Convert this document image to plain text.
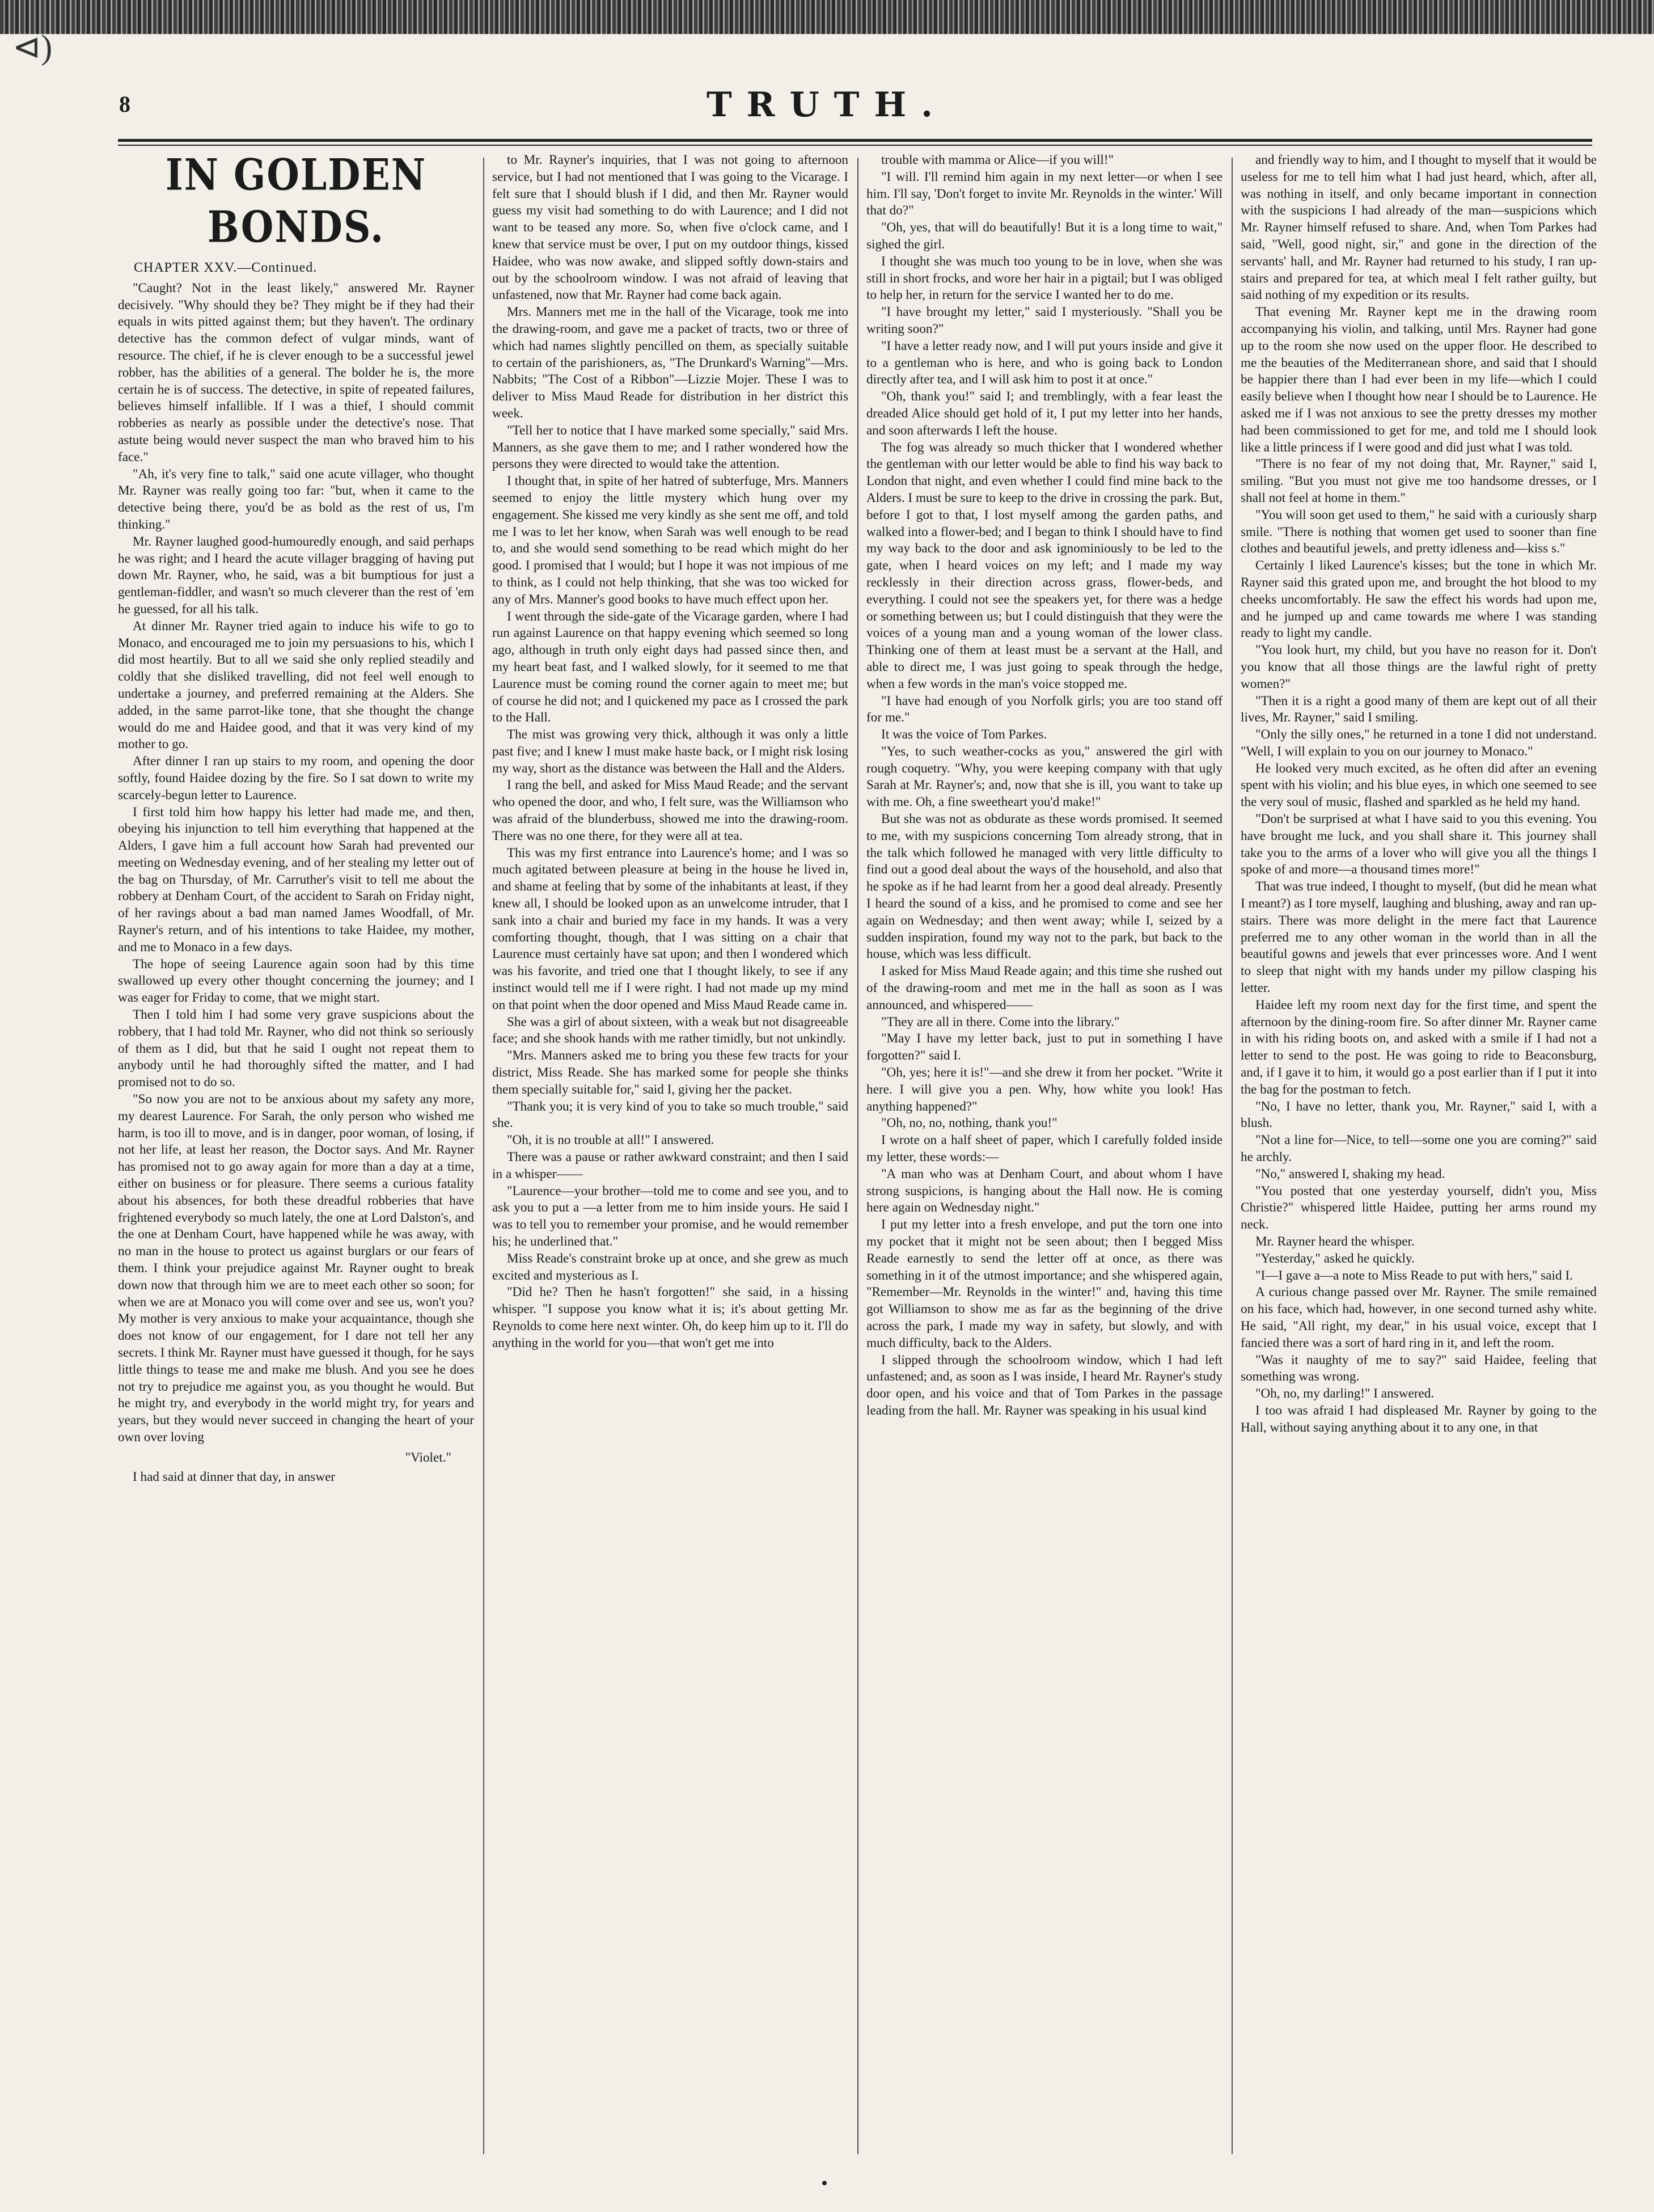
⊲)
8	TRUTH.
IN GOLDEN BONDS.
CHAPTER XXV.—Continued.

"Caught? Not in the least likely," answered Mr. Rayner decisively. "Why should they be? They might be if they had their equals in wits pitted against them; but they haven't. The ordinary detective has the common defect of vulgar minds, want of resource. The chief, if he is clever enough to be a successful jewel robber, has the abilities of a general. The bolder he is, the more certain he is of success. The detective, in spite of repeated failures, believes himself infallible. If I was a thief, I should commit robberies as nearly as possible under the detective's nose. That astute being would never suspect the man who braved him to his face."

"Ah, it's very fine to talk," said one acute villager, who thought Mr. Rayner was really going too far: "but, when it came to the detective being there, you'd be as bold as the rest of us, I'm thinking."

Mr. Rayner laughed good-humouredly enough, and said perhaps he was right; and I heard the acute villager bragging of having put down Mr. Rayner, who, he said, was a bit bumptious for just a gentleman-fiddler, and wasn't so much cleverer than the rest of 'em he guessed, for all his talk.

At dinner Mr. Rayner tried again to induce his wife to go to Monaco, and encouraged me to join my persuasions to his, which I did most heartily. But to all we said she only replied steadily and coldly that she disliked travelling, did not feel well enough to undertake a journey, and preferred remaining at the Alders. She added, in the same parrot-like tone, that she thought the change would do me and Haidee good, and that it was very kind of my mother to go.

After dinner I ran up stairs to my room, and opening the door softly, found Haidee dozing by the fire. So I sat down to write my scarcely-begun letter to Laurence.

I first told him how happy his letter had made me, and then, obeying his injunction to tell him everything that happened at the Alders, I gave him a full account how Sarah had prevented our meeting on Wednesday evening, and of her stealing my letter out of the bag on Thursday, of Mr. Carruther's visit to tell me about the robbery at Denham Court, of the accident to Sarah on Friday night, of her ravings about a bad man named James Woodfall, of Mr. Rayner's return, and of his intentions to take Haidee, my mother, and me to Monaco in a few days.

The hope of seeing Laurence again soon had by this time swallowed up every other thought concerning the journey; and I was eager for Friday to come, that we might start.

Then I told him I had some very grave suspicions about the robbery, that I had told Mr. Rayner, who did not think so seriously of them as I did, but that he said I ought not repeat them to anybody until he had thoroughly sifted the matter, and I had promised not to do so.

"So now you are not to be anxious about my safety any more, my dearest Laurence. For Sarah, the only person who wished me harm, is too ill to move, and is in danger, poor woman, of losing, if not her life, at least her reason, the Doctor says. And Mr. Rayner has promised not to go away again for more than a day at a time, either on business or for pleasure. There seems a curious fatality about his absences, for both these dreadful robberies that have frightened everybody so much lately, the one at Lord Dalston's, and the one at Denham Court, have happened while he was away, with no man in the house to protect us against burglars or our fears of them. I think your prejudice against Mr. Rayner ought to break down now that through him we are to meet each other so soon; for when we are at Monaco you will come over and see us, won't you? My mother is very anxious to make your acquaintance, though she does not know of our engagement, for I dare not tell her any secrets. I think Mr. Rayner must have guessed it though, for he says little things to tease me and make me blush. And you see he does not try to prejudice me against you, as you thought he would. But he might try, and everybody in the world might try, for years and years, but they would never succeed in changing the heart of your own over loving

"Violet."

I had said at dinner that day, in answer

to Mr. Rayner's inquiries, that I was not going to afternoon service, but I had not mentioned that I was going to the Vicarage. I felt sure that I should blush if I did, and then Mr. Rayner would guess my visit had something to do with Laurence; and I did not want to be teased any more. So, when five o'clock came, and I knew that service must be over, I put on my outdoor things, kissed Haidee, who was now awake, and slipped softly down-stairs and out by the schoolroom window. I was not afraid of leaving that unfastened, now that Mr. Rayner had come back again.

Mrs. Manners met me in the hall of the Vicarage, took me into the drawing-room, and gave me a packet of tracts, two or three of which had names slightly pencilled on them, as specially suitable to certain of the parishioners, as, "The Drunkard's Warning"—Mrs. Nabbits; "The Cost of a Ribbon"—Lizzie Mojer. These I was to deliver to Miss Maud Reade for distribution in her district this week.

"Tell her to notice that I have marked some specially," said Mrs. Manners, as she gave them to me; and I rather wondered how the persons they were directed to would take the attention.

I thought that, in spite of her hatred of subterfuge, Mrs. Manners seemed to enjoy the little mystery which hung over my engagement. She kissed me very kindly as she sent me off, and told me I was to let her know, when Sarah was well enough to be read to, and she would send something to be read which might do her good. I promised that I would; but I hope it was not impious of me to think, as I could not help thinking, that she was too wicked for any of Mrs. Manner's good books to have much effect upon her.

I went through the side-gate of the Vicarage garden, where I had run against Laurence on that happy evening which seemed so long ago, although in truth only eight days had passed since then, and my heart beat fast, and I walked slowly, for it seemed to me that Laurence must be coming round the corner again to meet me; but of course he did not; and I quickened my pace as I crossed the park to the Hall.

The mist was growing very thick, although it was only a little past five; and I knew I must make haste back, or I might risk losing my way, short as the distance was between the Hall and the Alders.

I rang the bell, and asked for Miss Maud Reade; and the servant who opened the door, and who, I felt sure, was the Williamson who was afraid of the blunderbuss, showed me into the drawing-room. There was no one there, for they were all at tea.

This was my first entrance into Laurence's home; and I was so much agitated between pleasure at being in the house he lived in, and shame at feeling that by some of the inhabitants at least, if they knew all, I should be looked upon as an unwelcome intruder, that I sank into a chair and buried my face in my hands. It was a very comforting thought, though, that I was sitting on a chair that Laurence must certainly have sat upon; and then I wondered which was his favorite, and tried one that I thought likely, to see if any instinct would tell me if I were right. I had not made up my mind on that point when the door opened and Miss Maud Reade came in.

She was a girl of about sixteen, with a weak but not disagreeable face; and she shook hands with me rather timidly, but not unkindly.

"Mrs. Manners asked me to bring you these few tracts for your district, Miss Reade. She has marked some for people she thinks them specially suitable for," said I, giving her the packet.

"Thank you; it is very kind of you to take so much trouble," said she.

"Oh, it is no trouble at all!" I answered.

There was a pause or rather awkward constraint; and then I said in a whisper——

"Laurence—your brother—told me to come and see you, and to ask you to put a —a letter from me to him inside yours. He said I was to tell you to remember your promise, and he would remember his; he underlined that."

Miss Reade's constraint broke up at once, and she grew as much excited and mysterious as I.

"Did he? Then he hasn't forgotten!" she said, in a hissing whisper. "I suppose you know what it is; it's about getting Mr. Reynolds to come here next winter. Oh, do keep him up to it. I'll do anything in the world for you—that won't get me into

trouble with mamma or Alice—if you will!"

"I will. I'll remind him again in my next letter—or when I see him. I'll say, 'Don't forget to invite Mr. Reynolds in the winter.' Will that do?"

"Oh, yes, that will do beautifully! But it is a long time to wait," sighed the girl.

I thought she was much too young to be in love, when she was still in short frocks, and wore her hair in a pigtail; but I was obliged to help her, in return for the service I wanted her to do me.

"I have brought my letter," said I mysteriously. "Shall you be writing soon?"

"I have a letter ready now, and I will put yours inside and give it to a gentleman who is here, and who is going back to London directly after tea, and I will ask him to post it at once."

"Oh, thank you!" said I; and tremblingly, with a fear least the dreaded Alice should get hold of it, I put my letter into her hands, and soon afterwards I left the house.

The fog was already so much thicker that I wondered whether the gentleman with our letter would be able to find his way back to London that night, and even whether I could find mine back to the Alders. I must be sure to keep to the drive in crossing the park. But, before I got to that, I lost myself among the garden paths, and walked into a flower-bed; and I began to think I should have to find my way back to the door and ask ignominiously to be led to the gate, when I heard voices on my left; and I made my way recklessly in their direction across grass, flower-beds, and everything. I could not see the speakers yet, for there was a hedge or something between us; but I could distinguish that they were the voices of a young man and a young woman of the lower class. Thinking one of them at least must be a servant at the Hall, and able to direct me, I was just going to speak through the hedge, when a few words in the man's voice stopped me.

"I have had enough of you Norfolk girls; you are too stand off for me."

It was the voice of Tom Parkes.

"Yes, to such weather-cocks as you," answered the girl with rough coquetry. "Why, you were keeping company with that ugly Sarah at Mr. Rayner's; and, now that she is ill, you want to take up with me. Oh, a fine sweetheart you'd make!"

But she was not as obdurate as these words promised. It seemed to me, with my suspicions concerning Tom already strong, that in the talk which followed he managed with very little difficulty to find out a good deal about the ways of the household, and also that he spoke as if he had learnt from her a good deal already. Presently I heard the sound of a kiss, and he promised to come and see her again on Wednesday; and then went away; while I, seized by a sudden inspiration, found my way not to the park, but back to the house, which was less difficult.

I asked for Miss Maud Reade again; and this time she rushed out of the drawing-room and met me in the hall as soon as I was announced, and whispered——

"They are all in there. Come into the library."

"May I have my letter back, just to put in something I have forgotten?" said I.

"Oh, yes; here it is!"—and she drew it from her pocket. "Write it here. I will give you a pen. Why, how white you look! Has anything happened?"

"Oh, no, no, nothing, thank you!"

I wrote on a half sheet of paper, which I carefully folded inside my letter, these words:—

"A man who was at Denham Court, and about whom I have strong suspicions, is hanging about the Hall now. He is coming here again on Wednesday night."

I put my letter into a fresh envelope, and put the torn one into my pocket that it might not be seen about; then I begged Miss Reade earnestly to send the letter off at once, as there was something in it of the utmost importance; and she whispered again, "Remember—Mr. Reynolds in the winter!" and, having this time got Williamson to show me as far as the beginning of the drive across the park, I made my way in safety, but slowly, and with much difficulty, back to the Alders.

I slipped through the schoolroom window, which I had left unfastened; and, as soon as I was inside, I heard Mr. Rayner's study door open, and his voice and that of Tom Parkes in the passage leading from the hall. Mr. Rayner was speaking in his usual kind

and friendly way to him, and I thought to myself that it would be useless for me to tell him what I had just heard, which, after all, was nothing in itself, and only became important in connection with the suspicions I had already of the man—suspicions which Mr. Rayner himself refused to share. And, when Tom Parkes had said, "Well, good night, sir," and gone in the direction of the servants' hall, and Mr. Rayner had returned to his study, I ran up-stairs and prepared for tea, at which meal I felt rather guilty, but said nothing of my expedition or its results.

That evening Mr. Rayner kept me in the drawing room accompanying his violin, and talking, until Mrs. Rayner had gone up to the room she now used on the upper floor. He described to me the beauties of the Mediterranean shore, and said that I should be happier there than I had ever been in my life—which I could easily believe when I thought how near I should be to Laurence. He asked me if I was not anxious to see the pretty dresses my mother had been commissioned to get for me, and told me I should look like a little princess if I were good and did just what I was told.

"There is no fear of my not doing that, Mr. Rayner," said I, smiling. "But you must not give me too handsome dresses, or I shall not feel at home in them."

"You will soon get used to them," he said with a curiously sharp smile. "There is nothing that women get used to sooner than fine clothes and beautiful jewels, and pretty idleness and—kiss s."

Certainly I liked Laurence's kisses; but the tone in which Mr. Rayner said this grated upon me, and brought the hot blood to my cheeks uncomfortably. He saw the effect his words had upon me, and he jumped up and came towards me where I was standing ready to light my candle.

"You look hurt, my child, but you have no reason for it. Don't you know that all those things are the lawful right of pretty women?"

"Then it is a right a good many of them are kept out of all their lives, Mr. Rayner," said I smiling.

"Only the silly ones," he returned in a tone I did not understand. "Well, I will explain to you on our journey to Monaco."

He looked very much excited, as he often did after an evening spent with his violin; and his blue eyes, in which one seemed to see the very soul of music, flashed and sparkled as he held my hand.

"Don't be surprised at what I have said to you this evening. You have brought me luck, and you shall share it. This journey shall take you to the arms of a lover who will give you all the things I spoke of and more—a thousand times more!"

That was true indeed, I thought to myself, (but did he mean what I meant?) as I tore myself, laughing and blushing, away and ran up-stairs. There was more delight in the mere fact that Laurence preferred me to any other woman in the world than in all the beautiful gowns and jewels that ever princesses wore. And I went to sleep that night with my hands under my pillow clasping his letter.

Haidee left my room next day for the first time, and spent the afternoon by the dining-room fire. So after dinner Mr. Rayner came in with his riding boots on, and asked with a smile if I had not a letter to send to the post. He was going to ride to Beaconsburg, and, if I gave it to him, it would go a post earlier than if I put it into the bag for the postman to fetch.

"No, I have no letter, thank you, Mr. Rayner," said I, with a blush.

"Not a line for—Nice, to tell—some one you are coming?" said he archly.

"No," answered I, shaking my head.

"You posted that one yesterday yourself, didn't you, Miss Christie?" whispered little Haidee, putting her arms round my neck.

Mr. Rayner heard the whisper.

"Yesterday," asked he quickly.

"I—I gave a—a note to Miss Reade to put with hers," said I.

A curious change passed over Mr. Rayner. The smile remained on his face, which had, however, in one second turned ashy white. He said, "All right, my dear," in his usual voice, except that I fancied there was a sort of hard ring in it, and left the room.

"Was it naughty of me to say?" said Haidee, feeling that something was wrong.

"Oh, no, my darling!" I answered.

I too was afraid I had displeased Mr. Rayner by going to the Hall, without saying anything about it to any one, in that
